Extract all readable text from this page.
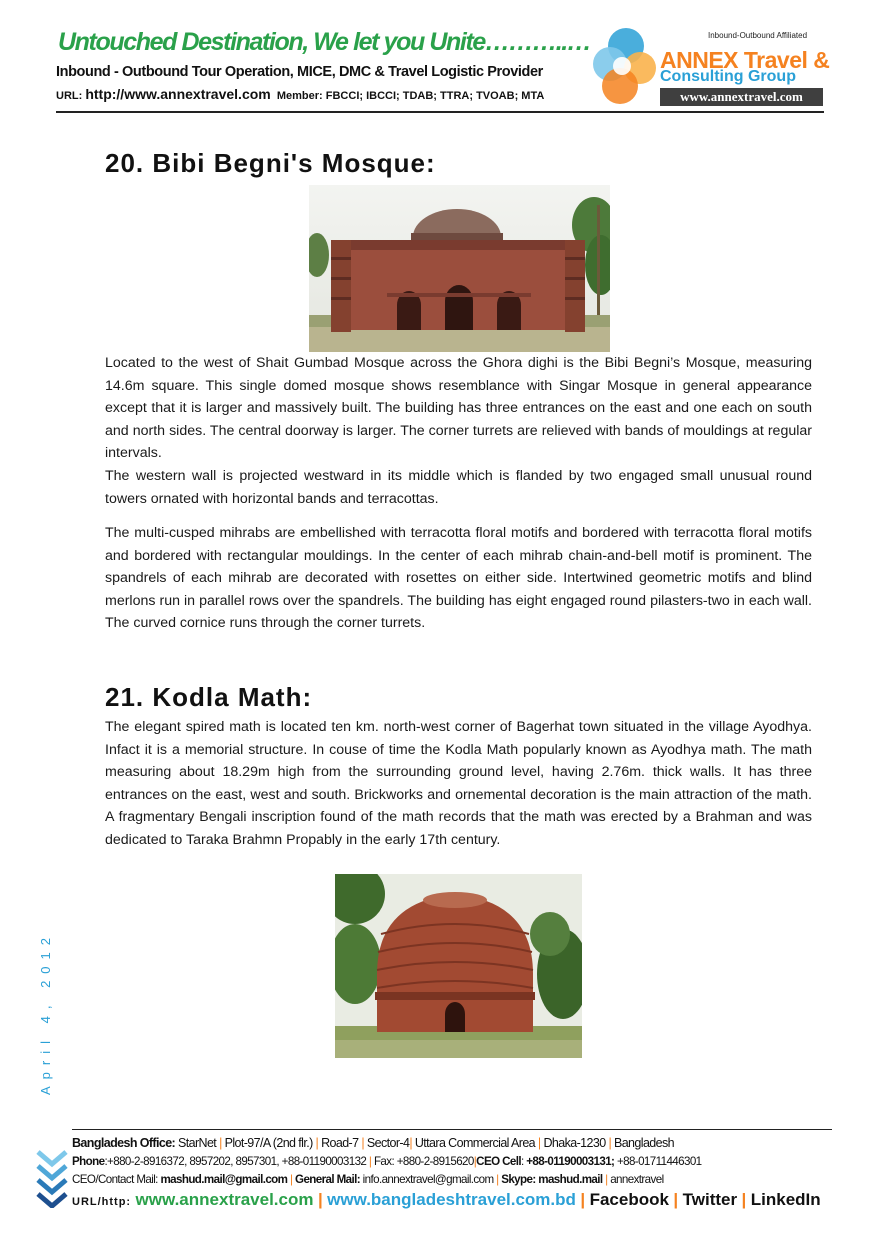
Untouched Destination, We let you Unite………..…
Inbound - Outbound Tour Operation, MICE, DMC & Travel Logistic Provider
URL: http://www.annextravel.com Member: FBCCI; IBCCI; TDAB; TTRA; TVOAB; MTA
Inbound-Outbound Affiliated
ANNEX Travel &
Consulting Group
www.annextravel.com
20. Bibi Begni's Mosque:

Located to the west of Shait Gumbad Mosque across the Ghora dighi is the Bibi Begni’s Mosque, measuring 14.6m square. This single domed mosque shows resemblance with Singar Mosque in general appearance except that it is larger and massively built. The building has three entrances on the east and one each on south and north sides. The central doorway is larger. The corner turrets are relieved with bands of mouldings at regular intervals.
The western wall is projected westward in its middle which is flanded by two engaged small unusual round towers ornated with horizontal bands and terracottas.

The multi-cusped mihrabs are embellished with terracotta floral motifs and bordered with terracotta floral motifs and bordered with rectangular mouldings. In the center of each mihrab chain-and-bell motif is prominent. The spandrels of each mihrab are decorated with rosettes on either side. Intertwined geometric motifs and blind merlons run in parallel rows over the spandrels. The building has eight engaged round pilasters-two in each wall. The curved cornice runs through the corner turrets.

21. Kodla Math:

The elegant spired math is located ten km. north-west corner of Bagerhat town situated in the village Ayodhya. Infact it is a memorial structure. In couse of time the Kodla Math popularly known as Ayodhya math. The math measuring about 18.29m high from the surrounding ground level, having 2.76m. thick walls. It has three entrances on the east, west and south. Brickworks and ornemental decoration is the main attraction of the math. A fragmentary Bengali inscription found of the math records that the math was erected by a Brahman and was dedicated to Taraka Brahmn Propably in the early 17th century.

April 4, 2012
Bangladesh Office: StarNet | Plot-97/A (2nd flr.) | Road-7 | Sector-4| Uttara Commercial Area | Dhaka-1230 | Bangladesh
Phone:+880-2-8916372, 8957202, 8957301, +88-01190003132 | Fax: +880-2-8915620|CEO Cell: +88-01190003131; +88-01711446301
CEO/Contact Mail: mashud.mail@gmail.com | General Mail: info.annextravel@gmail.com | Skype: mashud.mail | annextravel
URL/http: www.annextravel.com | www.bangladeshtravel.com.bd | Facebook | Twitter | LinkedIn
